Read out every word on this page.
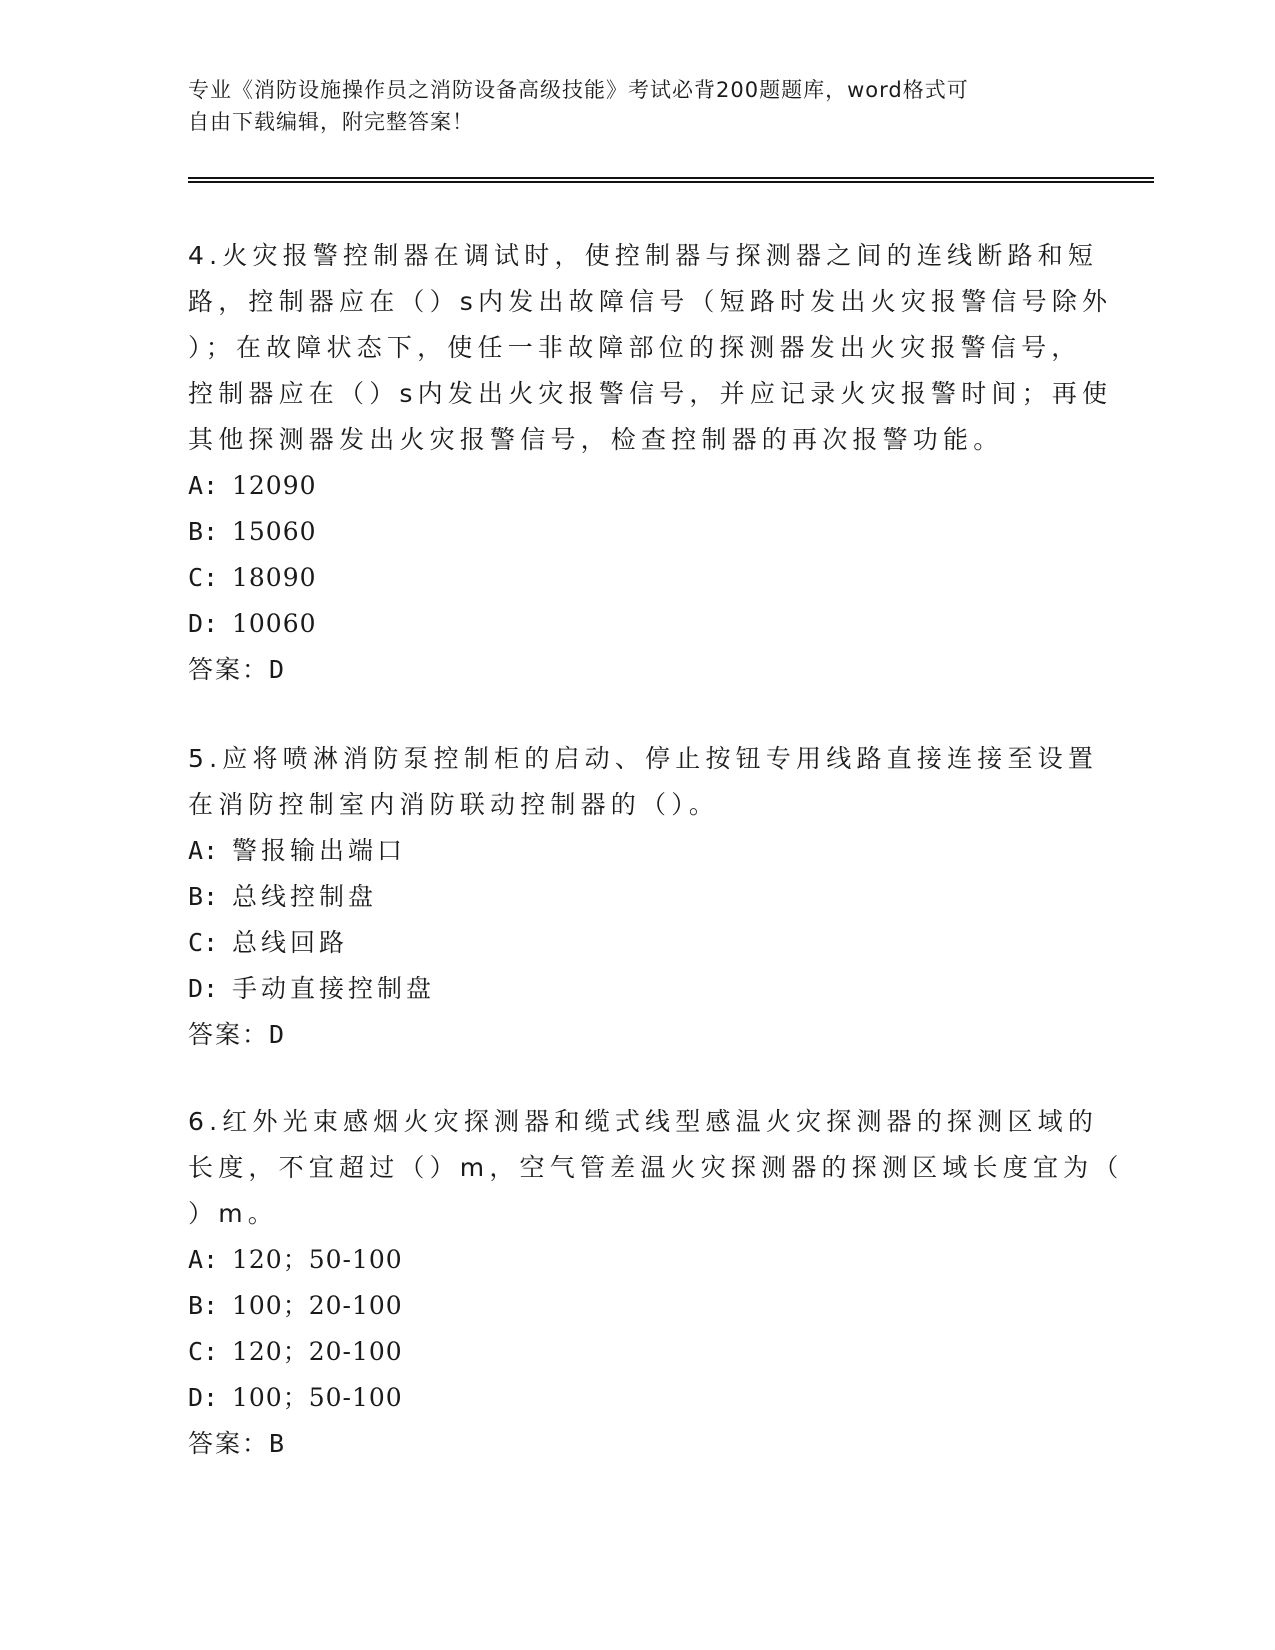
专业《消防设施操作员之消防设备高级技能》考试必背200题题库，word格式可
自由下载编辑，附完整答案！
4.火灾报警控制器在调试时，使控制器与探测器之间的连线断路和短
路，控制器应在（）s内发出故障信号（短路时发出火灾报警信号除外
）；在故障状态下，使任一非故障部位的探测器发出火灾报警信号，
控制器应在（）s内发出火灾报警信号，并应记录火灾报警时间；再使
其他探测器发出火灾报警信号，检查控制器的再次报警功能。
A: 12090
B: 15060
C: 18090
D: 10060
答案：D
5.应将喷淋消防泵控制柜的启动、停止按钮专用线路直接连接至设置
在消防控制室内消防联动控制器的（）。
A: 警报输出端口
B: 总线控制盘
C: 总线回路
D: 手动直接控制盘
答案：D
6.红外光束感烟火灾探测器和缆式线型感温火灾探测器的探测区域的
长度，不宜超过（）m，空气管差温火灾探测器的探测区域长度宜为（
）m。
A: 120；50-100
B: 100；20-100
C: 120；20-100
D: 100；50-100
答案：B
